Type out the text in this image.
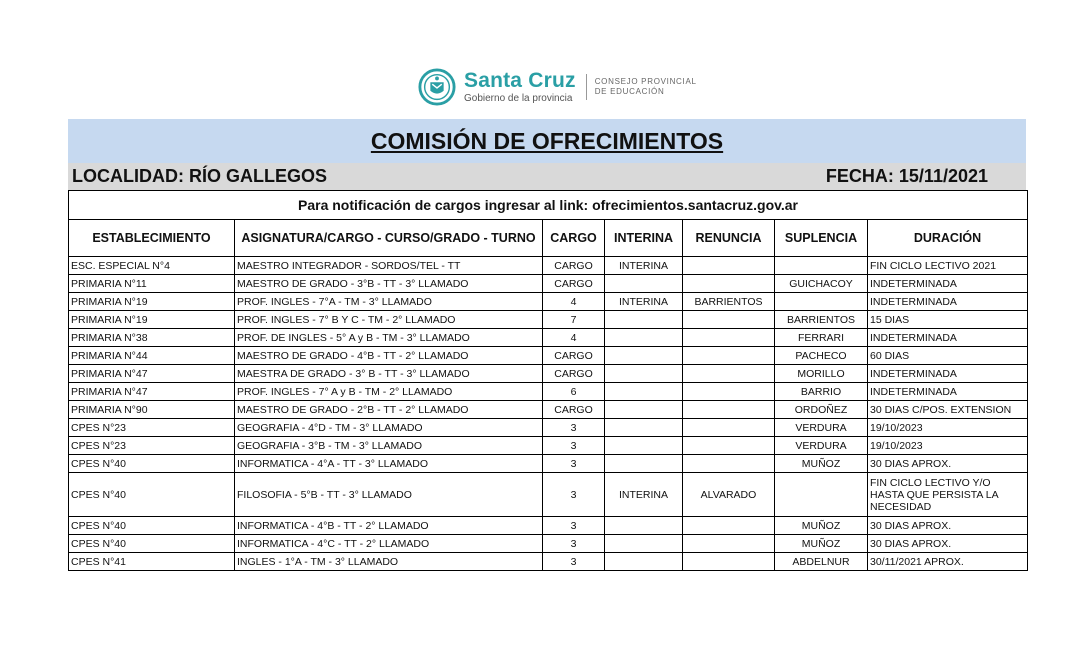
Santa Cruz
Gobierno de la provincia
CONSEJO PROVINCIAL
DE EDUCACIÓN
COMISIÓN DE OFRECIMIENTOS
LOCALIDAD: RÍO GALLEGOS	FECHA: 15/11/2021
Para notificación de cargos ingresar al link: ofrecimientos.santacruz.gov.ar						
ESTABLECIMIENTO	ASIGNATURA/CARGO - CURSO/GRADO - TURNO	CARGO	INTERINA	RENUNCIA	SUPLENCIA	DURACIÓN
ESC. ESPECIAL N°4	MAESTRO INTEGRADOR - SORDOS/TEL - TT	CARGO	INTERINA			FIN CICLO LECTIVO 2021
PRIMARIA N°11	MAESTRO DE GRADO - 3°B - TT - 3° LLAMADO	CARGO			GUICHACOY	INDETERMINADA
PRIMARIA N°19	PROF. INGLES - 7°A - TM - 3° LLAMADO	4	INTERINA	BARRIENTOS		INDETERMINADA
PRIMARIA N°19	PROF. INGLES - 7° B Y C - TM - 2° LLAMADO	7			BARRIENTOS	15 DIAS
PRIMARIA N°38	PROF. DE INGLES - 5° A y B - TM - 3° LLAMADO	4			FERRARI	INDETERMINADA
PRIMARIA N°44	MAESTRO DE GRADO - 4°B - TT - 2° LLAMADO	CARGO			PACHECO	60 DIAS
PRIMARIA N°47	MAESTRA DE GRADO - 3° B - TT - 3° LLAMADO	CARGO			MORILLO	INDETERMINADA
PRIMARIA N°47	PROF. INGLES - 7° A y B - TM - 2° LLAMADO	6			BARRIO	INDETERMINADA
PRIMARIA N°90	MAESTRO DE GRADO - 2°B - TT - 2° LLAMADO	CARGO			ORDOÑEZ	30 DIAS C/POS. EXTENSION
CPES N°23	GEOGRAFIA - 4°D - TM - 3° LLAMADO	3			VERDURA	19/10/2023
CPES N°23	GEOGRAFIA - 3°B - TM - 3° LLAMADO	3			VERDURA	19/10/2023
CPES N°40	INFORMATICA - 4°A - TT - 3° LLAMADO	3			MUÑOZ	30 DIAS APROX.
CPES N°40	FILOSOFIA - 5°B - TT - 3° LLAMADO	3	INTERINA	ALVARADO		FIN CICLO LECTIVO Y/O HASTA QUE PERSISTA LA NECESIDAD
CPES N°40	INFORMATICA - 4°B - TT - 2° LLAMADO	3			MUÑOZ	30 DIAS APROX.
CPES N°40	INFORMATICA - 4°C - TT - 2° LLAMADO	3			MUÑOZ	30 DIAS APROX.
CPES N°41	INGLES - 1°A - TM - 3° LLAMADO	3			ABDELNUR	30/11/2021 APROX.
